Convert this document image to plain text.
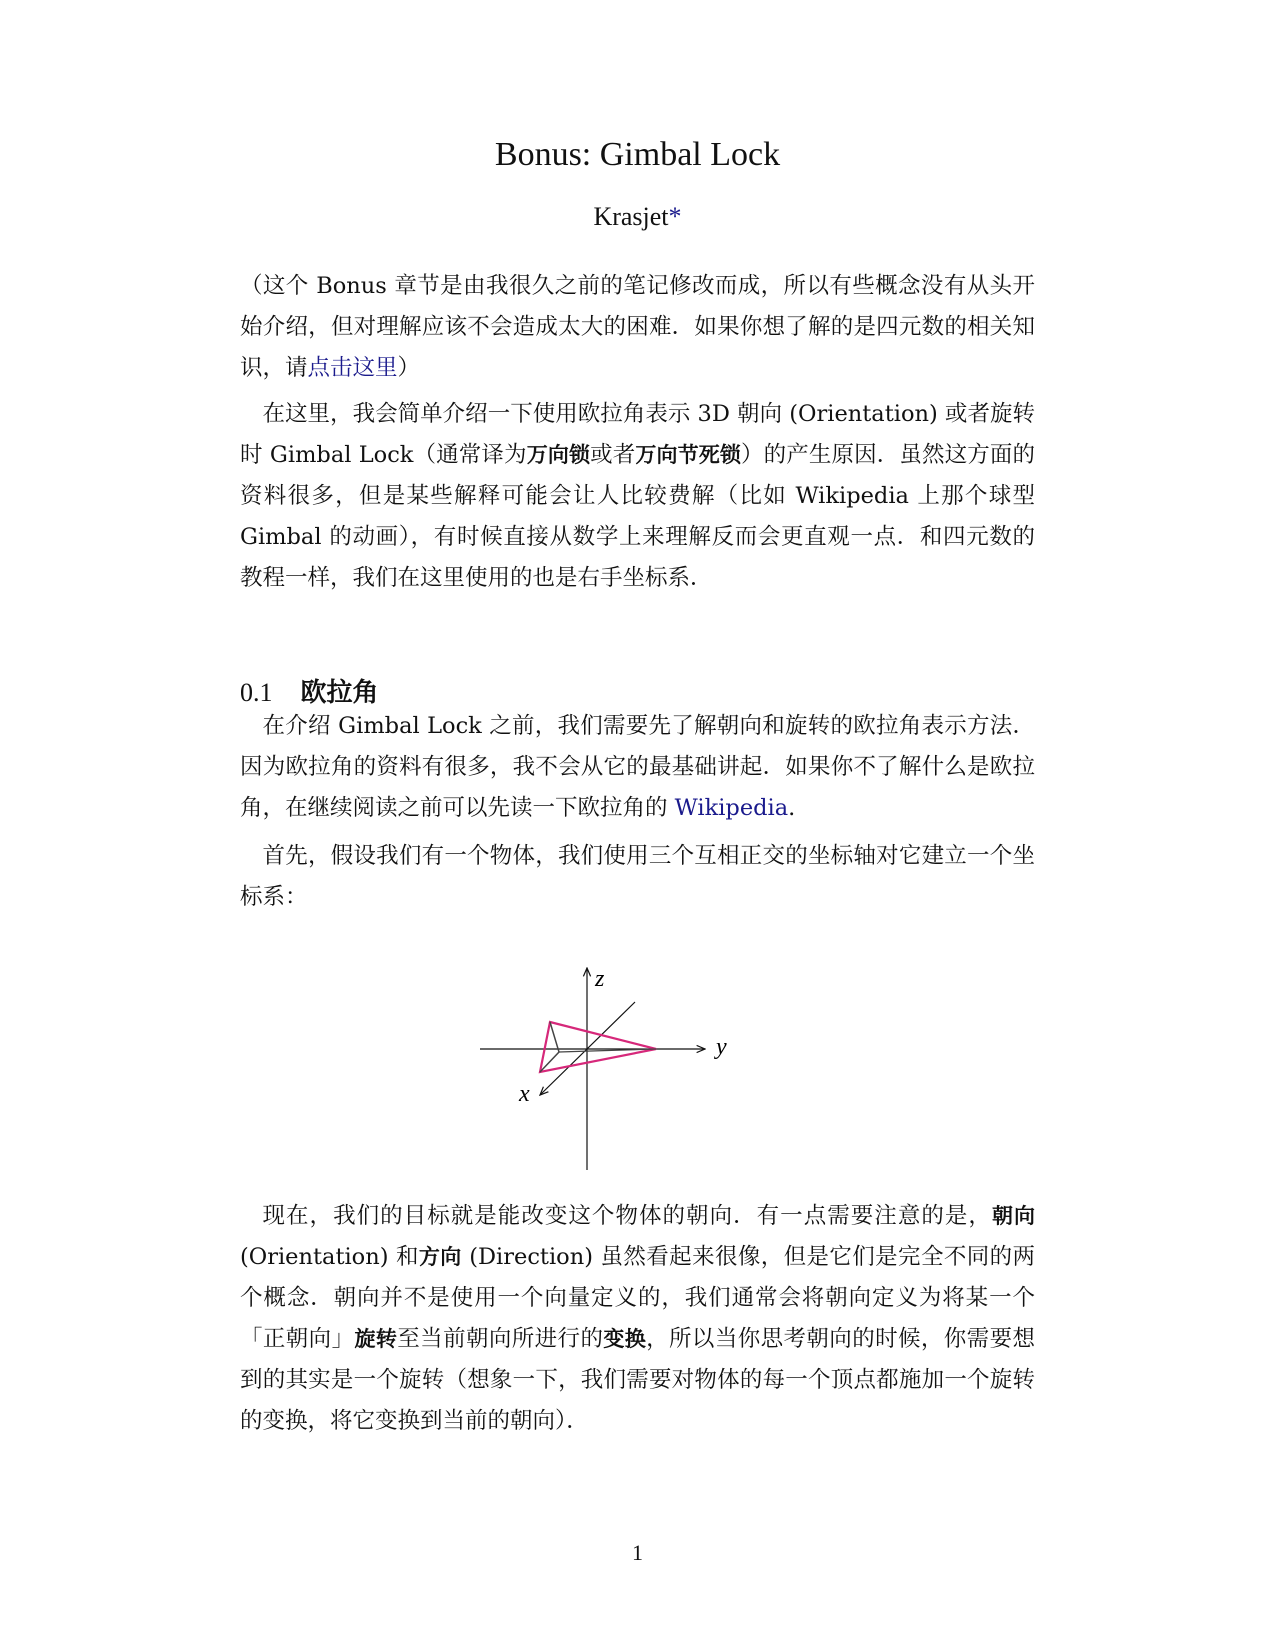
Bonus: Gimbal Lock
Krasjet*

（这个 Bonus 章节是由我很久之前的笔记修改而成，所以有些概念没有从头开始介绍，但对理解应该不会造成太大的困难．如果你想了解的是四元数的相关知识，请点击这里）

在这里，我会简单介绍一下使用欧拉角表示 3D 朝向 (Orientation) 或者旋转时 Gimbal Lock（通常译为万向锁或者万向节死锁）的产生原因．虽然这方面的资料很多，但是某些解释可能会让人比较费解（比如 Wikipedia 上那个球型 Gimbal 的动画），有时候直接从数学上来理解反而会更直观一点．和四元数的教程一样，我们在这里使用的也是右手坐标系．

0.1 欧拉角

在介绍 Gimbal Lock 之前，我们需要先了解朝向和旋转的欧拉角表示方法．因为欧拉角的资料有很多，我不会从它的最基础讲起．如果你不了解什么是欧拉角，在继续阅读之前可以先读一下欧拉角的 Wikipedia.

首先，假设我们有一个物体，我们使用三个互相正交的坐标轴对它建立一个坐标系：

z
y
x

现在，我们的目标就是能改变这个物体的朝向．有一点需要注意的是，朝向 (Orientation) 和方向 (Direction) 虽然看起来很像，但是它们是完全不同的两个概念．朝向并不是使用一个向量定义的，我们通常会将朝向定义为将某一个「正朝向」旋转至当前朝向所进行的变换，所以当你思考朝向的时候，你需要想到的其实是一个旋转（想象一下，我们需要对物体的每一个顶点都施加一个旋转的变换，将它变换到当前的朝向）．

1
